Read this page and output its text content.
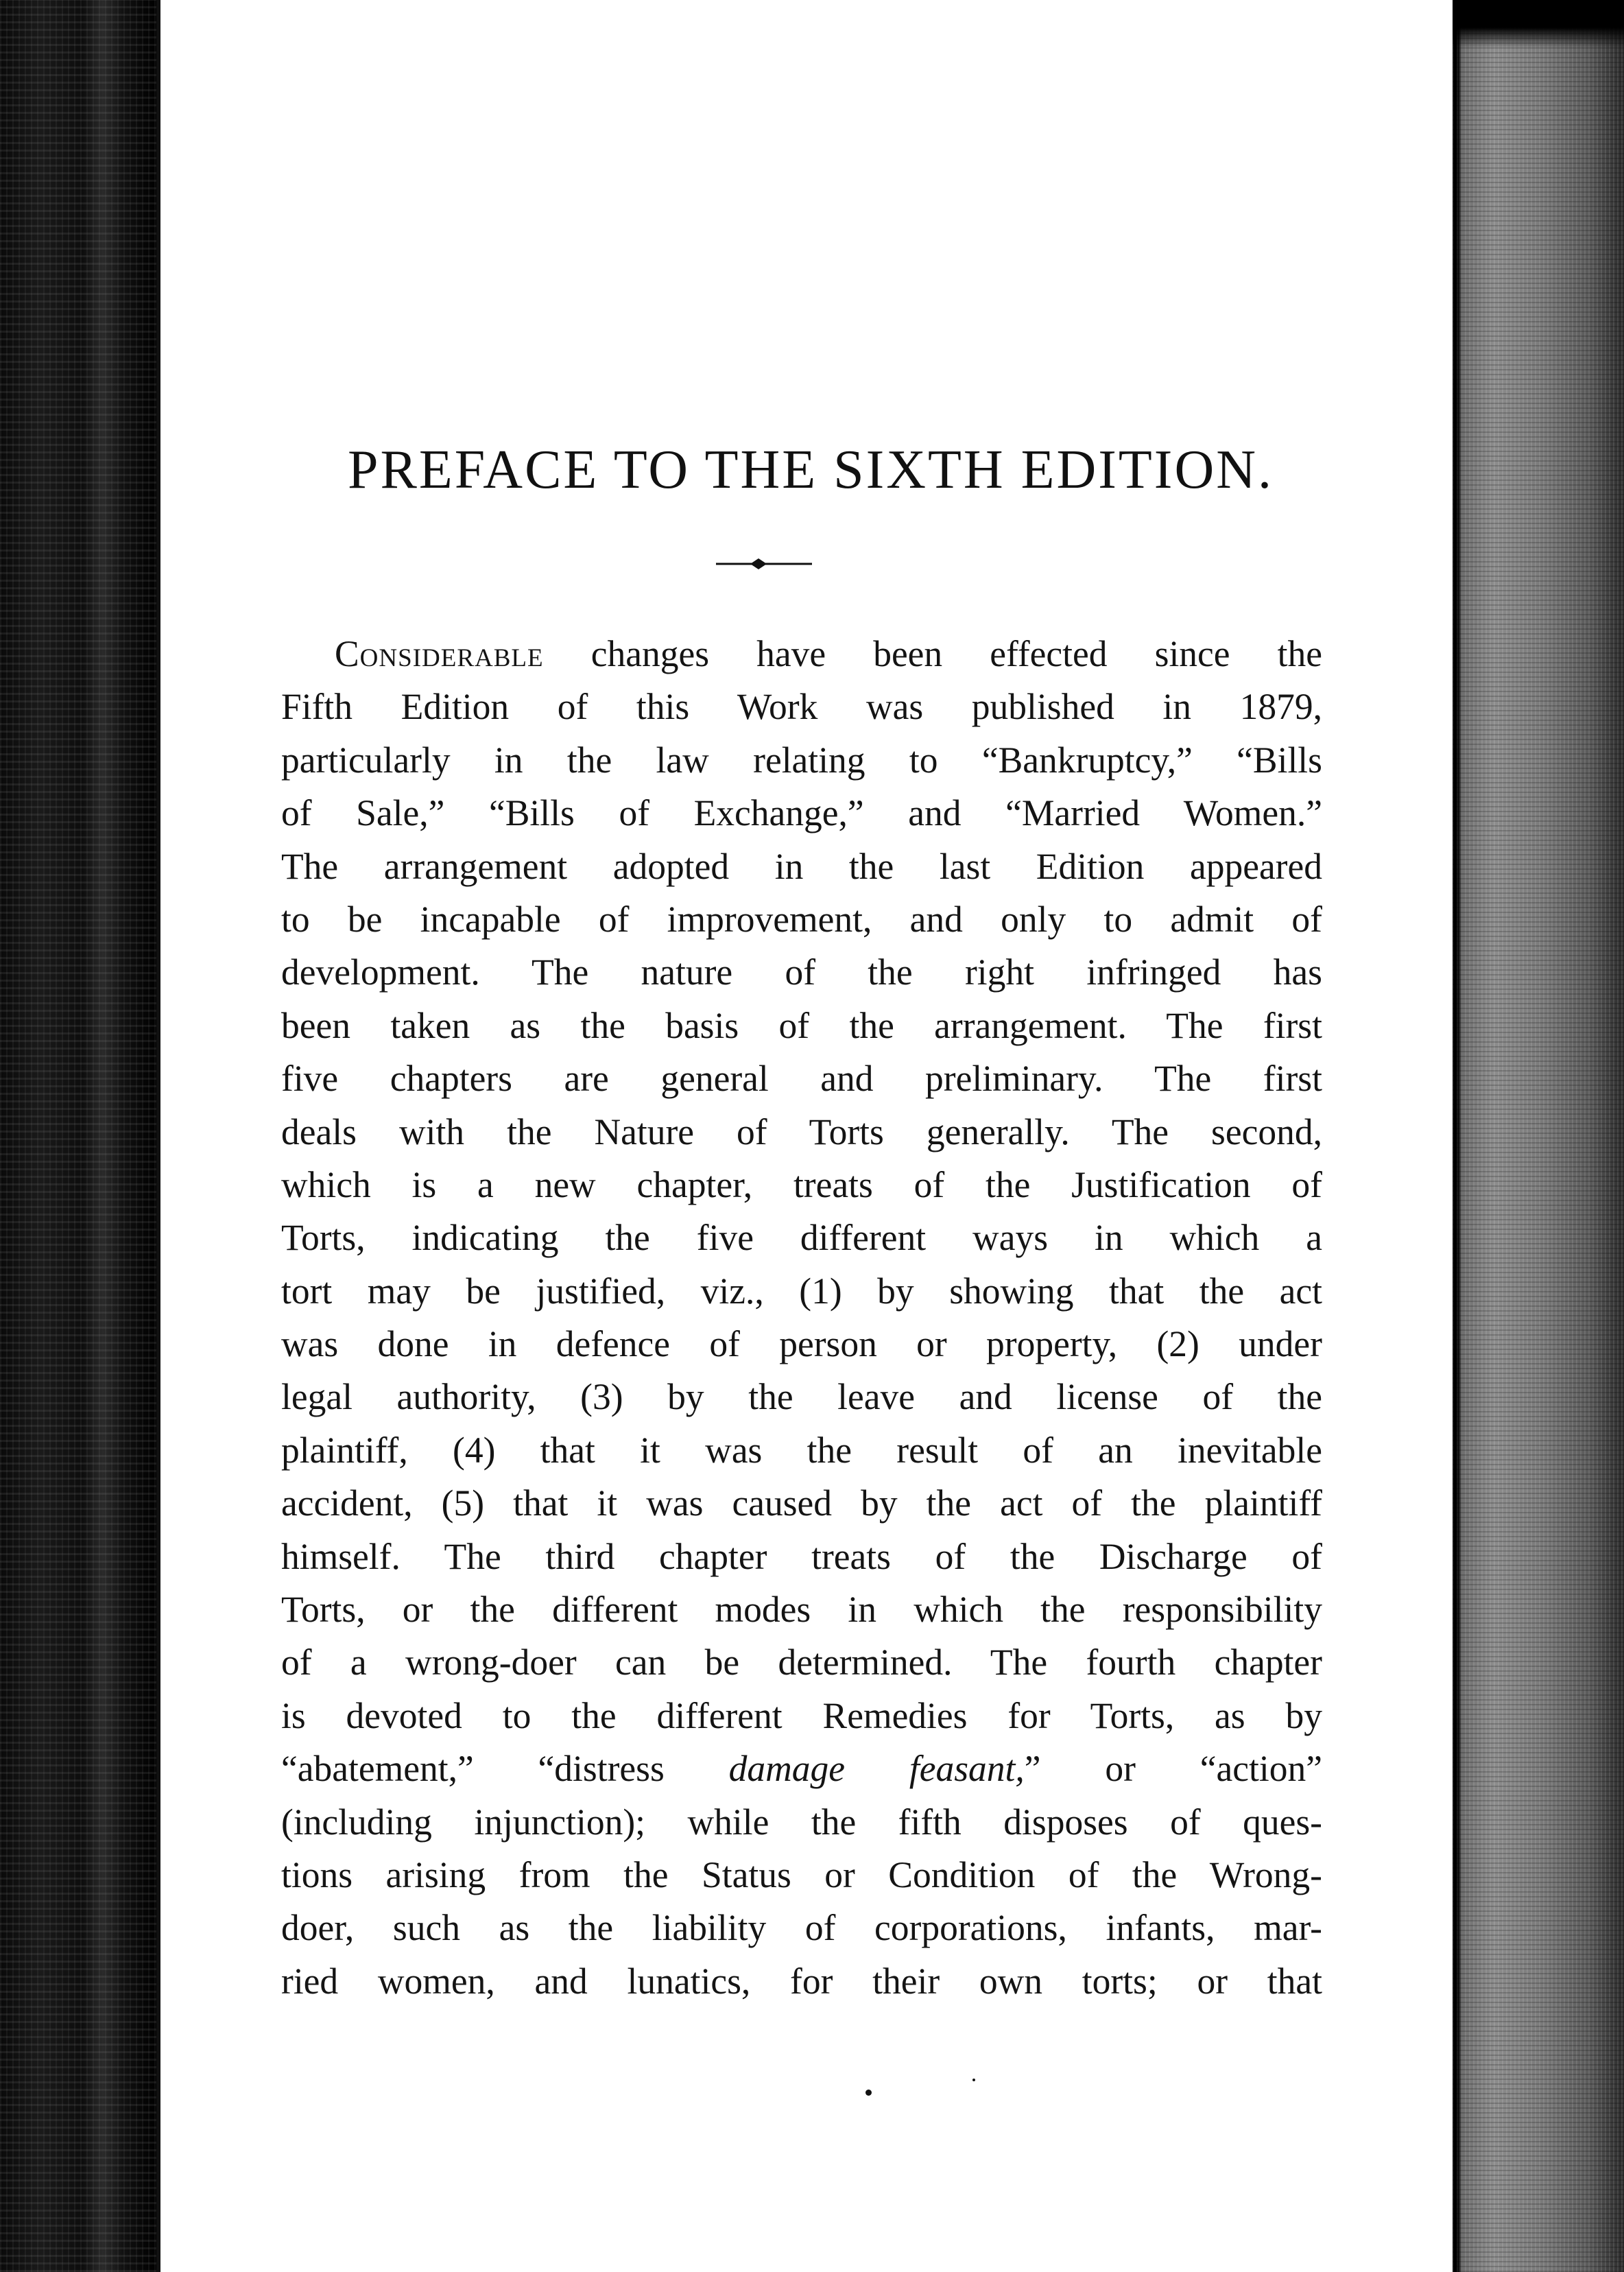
PREFACE TO THE SIXTH EDITION.
Considerable changes have been effected since the
Fifth Edition of this Work was published in 1879,
particularly in the law relating to “Bankruptcy,” “Bills
of Sale,” “Bills of Exchange,” and “Married Women.”
The arrangement adopted in the last Edition appeared
to be incapable of improvement, and only to admit of
development. The nature of the right infringed has
been taken as the basis of the arrangement. The first
five chapters are general and preliminary. The first
deals with the Nature of Torts generally. The second,
which is a new chapter, treats of the Justification of
Torts, indicating the five different ways in which a
tort may be justified, viz., (1) by showing that the act
was done in defence of person or property, (2) under
legal authority, (3) by the leave and license of the
plaintiff, (4) that it was the result of an inevitable
accident, (5) that it was caused by the act of the plaintiff
himself. The third chapter treats of the Discharge of
Torts, or the different modes in which the responsibility
of a wrong-doer can be determined. The fourth chapter
is devoted to the different Remedies for Torts, as by
“abatement,” “distress damage feasant,” or “action”
(including injunction); while the fifth disposes of ques-
tions arising from the Status or Condition of the Wrong-
doer, such as the liability of corporations, infants, mar-
ried women, and lunatics, for their own torts; or that
